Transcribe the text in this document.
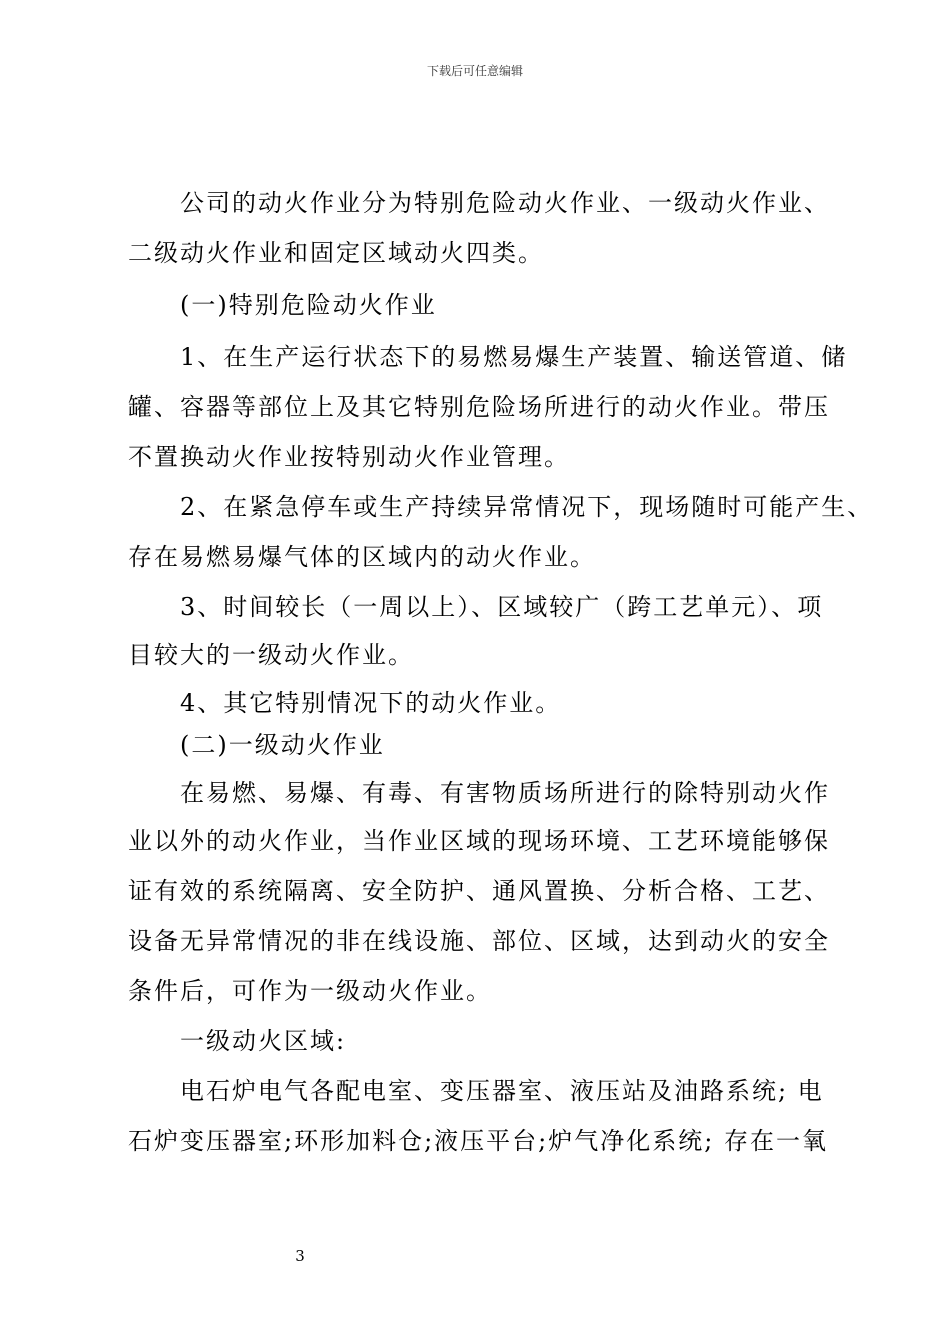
下载后可任意编辑
公司的动火作业分为特别危险动火作业、一级动火作业、
二级动火作业和固定区域动火四类。
(一)特别危险动火作业
1、在生产运行状态下的易燃易爆生产装置、输送管道、储
罐、容器等部位上及其它特别危险场所进行的动火作业。带压
不置换动火作业按特别动火作业管理。
2、在紧急停车或生产持续异常情况下，现场随时可能产生、
存在易燃易爆气体的区域内的动火作业。
3、时间较长（一周以上）、区域较广（跨工艺单元）、项
目较大的一级动火作业。
4、其它特别情况下的动火作业。
(二)一级动火作业
在易燃、易爆、有毒、有害物质场所进行的除特别动火作
业以外的动火作业，当作业区域的现场环境、工艺环境能够保
证有效的系统隔离、安全防护、通风置换、分析合格、工艺、
设备无异常情况的非在线设施、部位、区域，达到动火的安全
条件后，可作为一级动火作业。
一级动火区域:
电石炉电气各配电室、变压器室、液压站及油路系统; 电
石炉变压器室;环形加料仓;液压平台;炉气净化系统; 存在一氧
3
